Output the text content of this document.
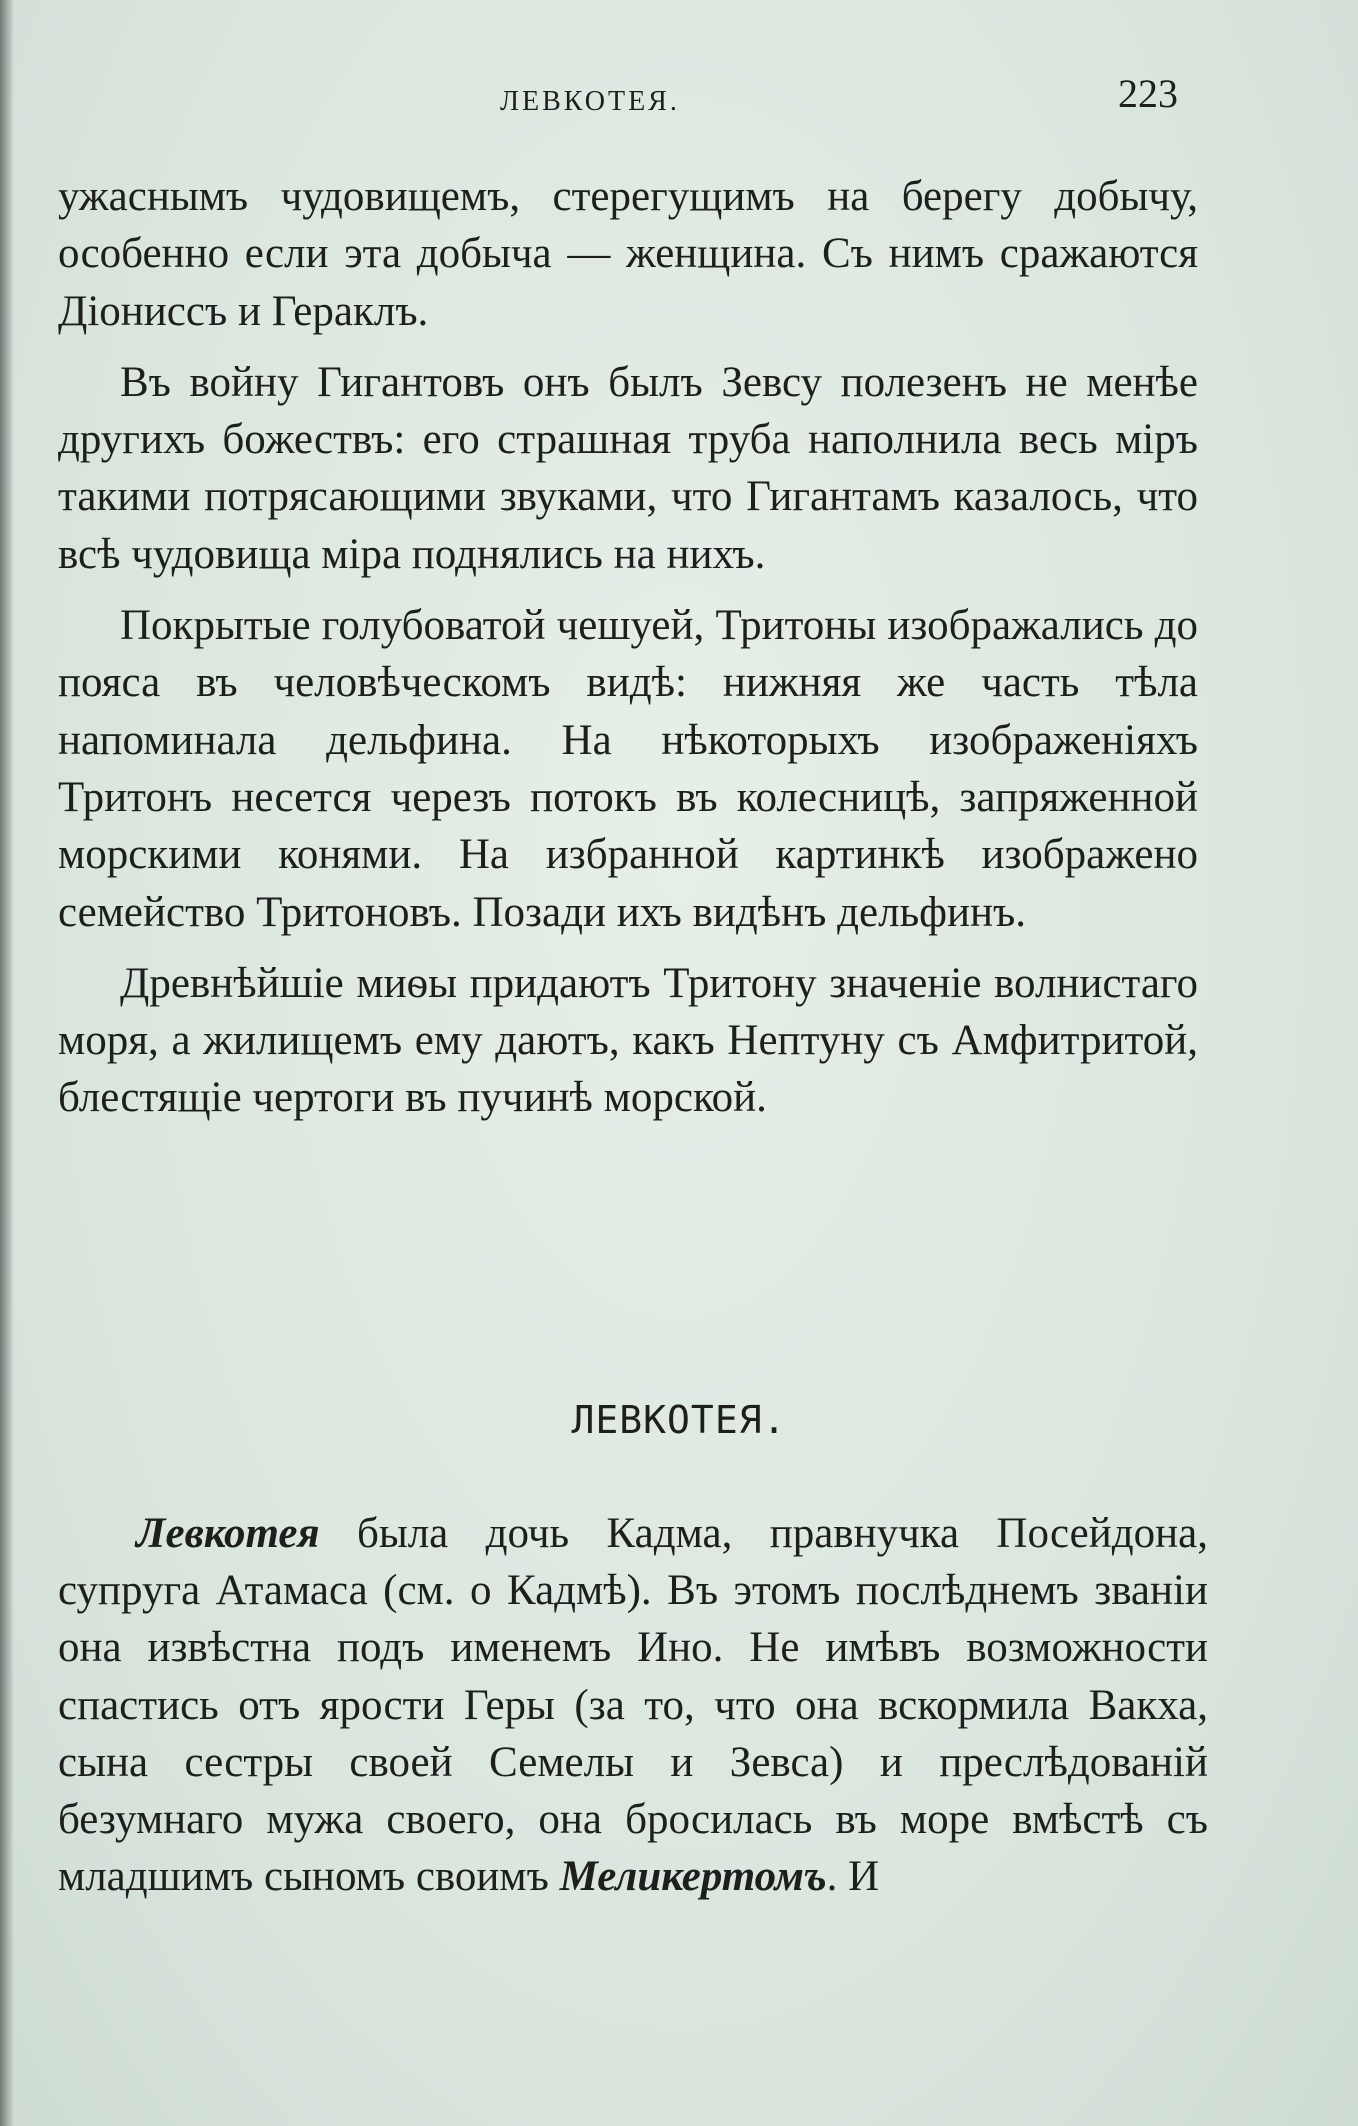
ЛЕВКОТЕЯ.	223

ужаснымъ чудовищемъ, стерегущимъ на берегу добычу, особенно если эта добыча — женщина. Съ нимъ сражаются Діониссъ и Гераклъ.

Въ войну Гигантовъ онъ былъ Зевсу полезенъ не менѣе другихъ божествъ: его страшная труба наполнила весь міръ такими потрясающими звуками, что Гигантамъ казалось, что всѣ чудовища міра поднялись на нихъ.

Покрытые голубоватой чешуей, Тритоны изображались до пояса въ человѣческомъ видѣ: нижняя же часть тѣла напоминала дельфина. На нѣкоторыхъ изображеніяхъ Тритонъ несется черезъ потокъ въ колесницѣ, запряженной морскими конями. На избранной картинкѣ изображено семейство Тритоновъ. Позади ихъ видѣнъ дельфинъ.

Древнѣйшіе миѳы придаютъ Тритону значеніе волнистаго моря, а жилищемъ ему даютъ, какъ Нептуну съ Амфитритой, блестящіе чертоги въ пучинѣ морской.

ЛЕВКОТЕЯ.

Левкотея была дочь Кадма, правнучка Посейдона, супруга Атамаса (см. о Кадмѣ). Въ этомъ послѣднемъ званіи она извѣстна подъ именемъ Ино. Не имѣвъ возможности спастись отъ ярости Геры (за то, что она вскормила Вакха, сына сестры своей Семелы и Зевса) и преслѣдованій безумнаго мужа своего, она бросилась въ море вмѣстѣ съ младшимъ сыномъ своимъ Меликертомъ. И
